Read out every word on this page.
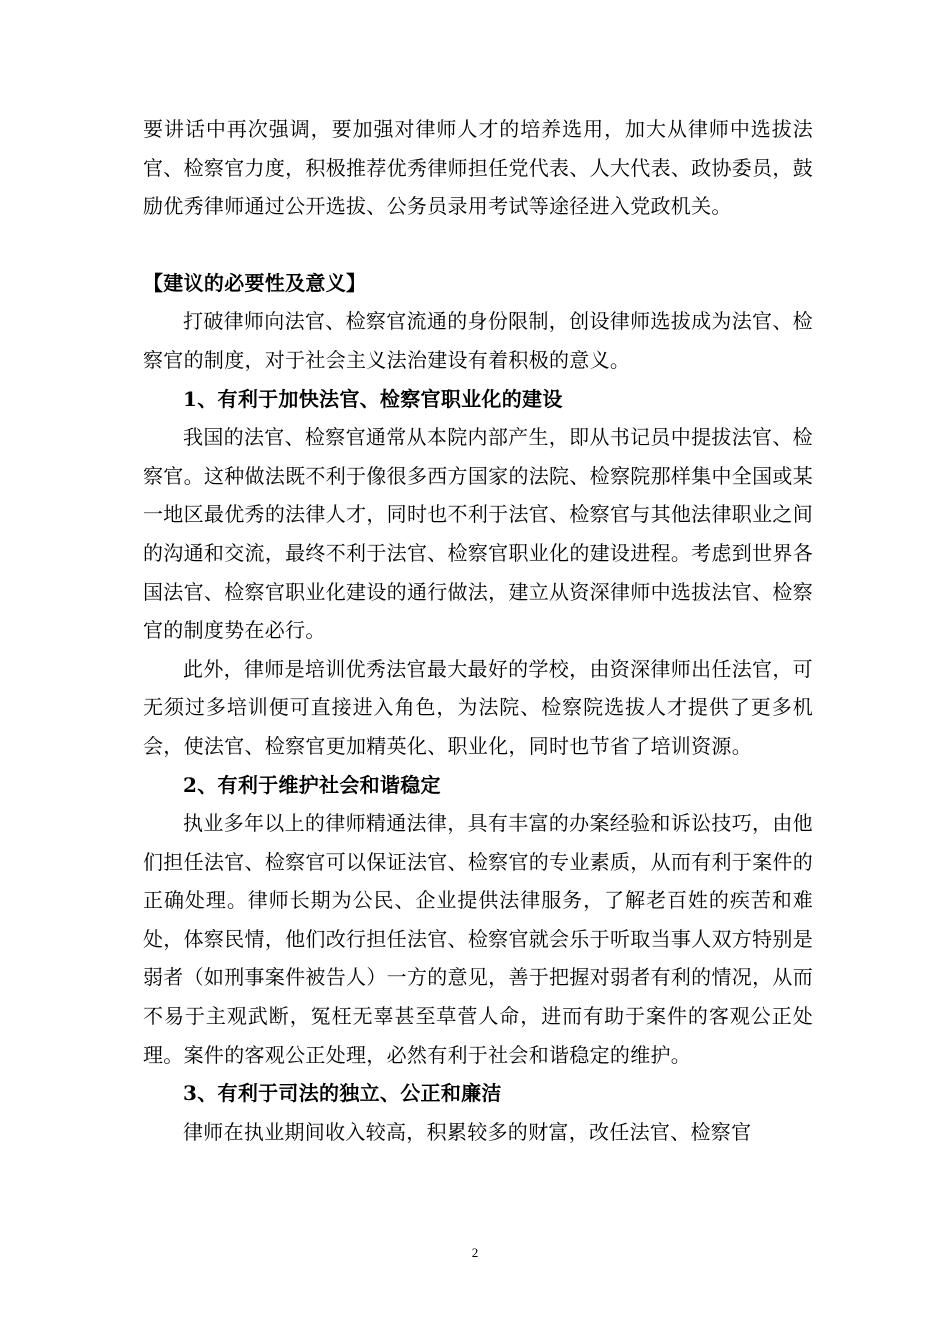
要讲话中再次强调，要加强对律师人才的培养选用，加大从律师中选拔法官、检察官力度，积极推荐优秀律师担任党代表、人大代表、政协委员，鼓励优秀律师通过公开选拔、公务员录用考试等途径进入党政机关。

【建议的必要性及意义】

打破律师向法官、检察官流通的身份限制，创设律师选拔成为法官、检察官的制度，对于社会主义法治建设有着积极的意义。

1、有利于加快法官、检察官职业化的建设

我国的法官、检察官通常从本院内部产生，即从书记员中提拔法官、检察官。这种做法既不利于像很多西方国家的法院、检察院那样集中全国或某一地区最优秀的法律人才，同时也不利于法官、检察官与其他法律职业之间的沟通和交流，最终不利于法官、检察官职业化的建设进程。考虑到世界各国法官、检察官职业化建设的通行做法，建立从资深律师中选拔法官、检察官的制度势在必行。

此外，律师是培训优秀法官最大最好的学校，由资深律师出任法官，可无须过多培训便可直接进入角色，为法院、检察院选拔人才提供了更多机会，使法官、检察官更加精英化、职业化，同时也节省了培训资源。

2、有利于维护社会和谐稳定

执业多年以上的律师精通法律，具有丰富的办案经验和诉讼技巧，由他们担任法官、检察官可以保证法官、检察官的专业素质，从而有利于案件的正确处理。律师长期为公民、企业提供法律服务，了解老百姓的疾苦和难处，体察民情，他们改行担任法官、检察官就会乐于听取当事人双方特别是弱者（如刑事案件被告人）一方的意见，善于把握对弱者有利的情况，从而不易于主观武断，冤枉无辜甚至草菅人命，进而有助于案件的客观公正处理。案件的客观公正处理，必然有利于社会和谐稳定的维护。

3、有利于司法的独立、公正和廉洁

律师在执业期间收入较高，积累较多的财富，改任法官、检察官

2
